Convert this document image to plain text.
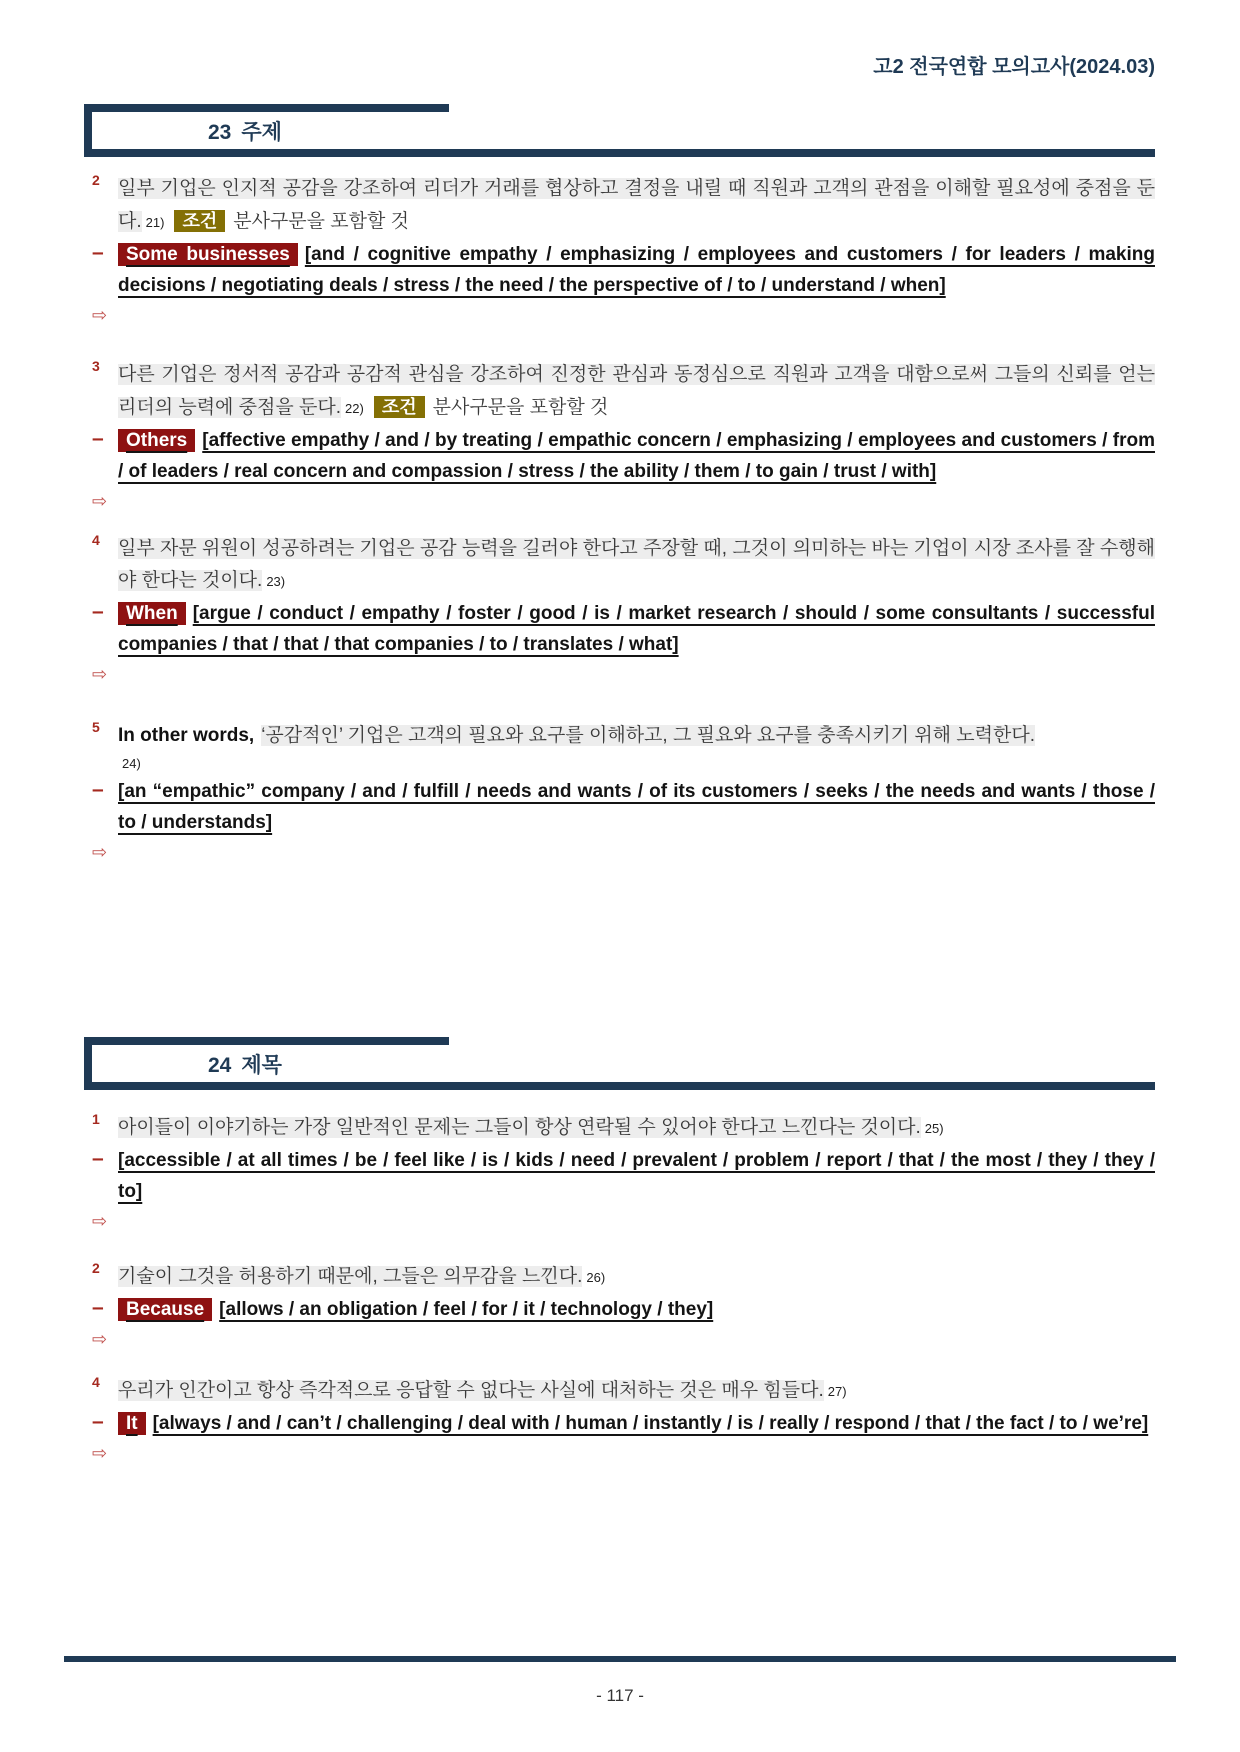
고2 전국연합 모의고사(2024.03)
23 주제
2 일부 기업은 인지적 공감을 강조하여 리더가 거래를 협상하고 결정을 내릴 때 직원과 고객의 관점을 이해할 필요성에 중점을 둔다. 21) 조건 분사구문을 포함할 것

– Some businesses [and / cognitive empathy / emphasizing / employees and customers / for leaders / making decisions / negotiating deals / stress / the need / the perspective of / to / understand / when]

⇨

3 다른 기업은 정서적 공감과 공감적 관심을 강조하여 진정한 관심과 동정심으로 직원과 고객을 대함으로써 그들의 신뢰를 얻는 리더의 능력에 중점을 둔다. 22) 조건 분사구문을 포함할 것

– Others [affective empathy / and / by treating / empathic concern / emphasizing / employees and customers / from / of leaders / real concern and compassion / stress / the ability / them / to gain / trust / with]

⇨

4 일부 자문 위원이 성공하려는 기업은 공감 능력을 길러야 한다고 주장할 때, 그것이 의미하는 바는 기업이 시장 조사를 잘 수행해야 한다는 것이다. 23)

– When [argue / conduct / empathy / foster / good / is / market research / should / some consultants / successful companies / that / that / that companies / to / translates / what]

⇨

5 In other words, ‘공감적인’ 기업은 고객의 필요와 요구를 이해하고, 그 필요와 요구를 충족시키기 위해 노력한다.

24)

– [an “empathic” company / and / fulfill / needs and wants / of its customers / seeks / the needs and wants / those / to / understands]

⇨

24 제목
1 아이들이 이야기하는 가장 일반적인 문제는 그들이 항상 연락될 수 있어야 한다고 느낀다는 것이다. 25)

– [accessible / at all times / be / feel like / is / kids / need / prevalent / problem / report / that / the most / they / they / to]

⇨

2 기술이 그것을 허용하기 때문에, 그들은 의무감을 느낀다. 26)

– Because [allows / an obligation / feel / for / it / technology / they]

⇨

4 우리가 인간이고 항상 즉각적으로 응답할 수 없다는 사실에 대처하는 것은 매우 힘들다. 27)

– It [always / and / can’t / challenging / deal with / human / instantly / is / really / respond / that / the fact / to / we’re]

⇨

- 117 -
